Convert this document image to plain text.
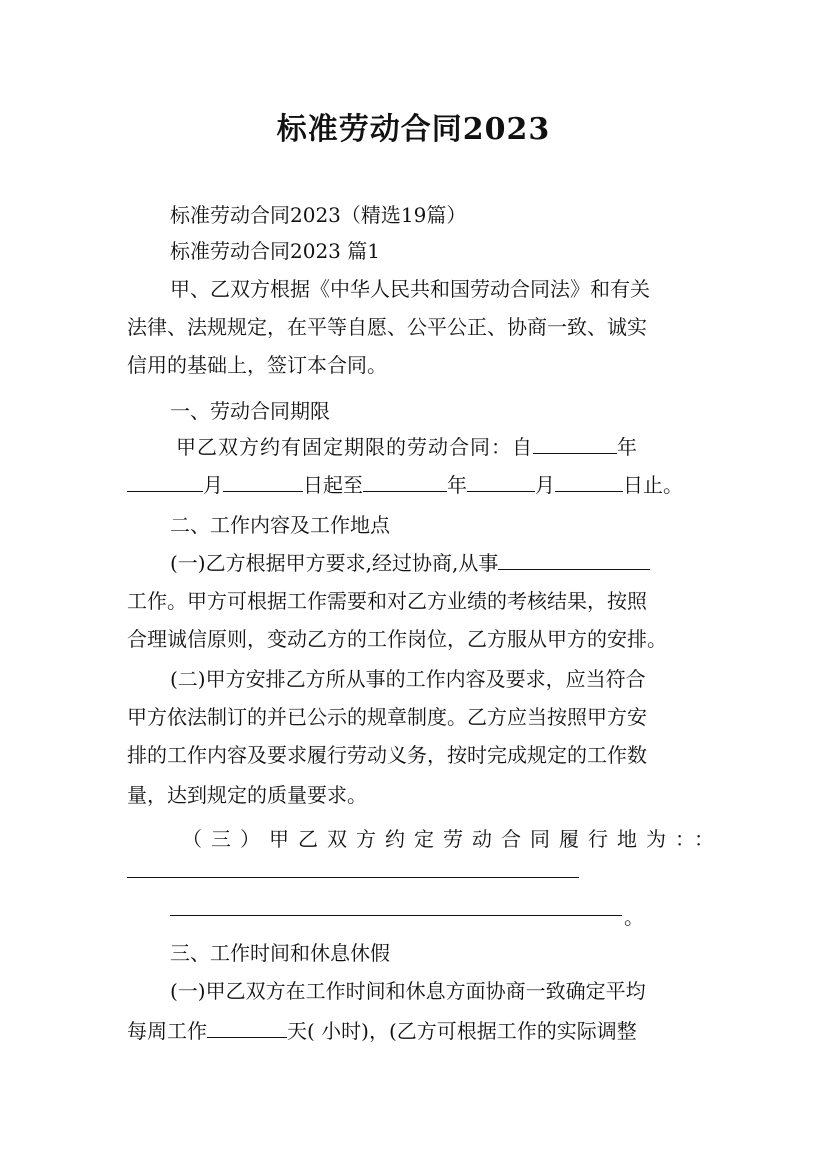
标准劳动合同2023
标准劳动合同2023（精选19篇）
标准劳动合同2023 篇1
甲、乙双方根据《中华人民共和国劳动合同法》和有关
法律、法规规定，在平等自愿、公平公正、协商一致、诚实
信用的基础上，签订本合同。
一、劳动合同期限
甲乙双方约有固定期限的劳动合同：自	年
月	日起至	年	月	日止。
二、工作内容及工作地点
(一)乙方根据甲方要求,经过协商,从事
工作。甲方可根据工作需要和对乙方业绩的考核结果，按照
合理诚信原则，变动乙方的工作岗位，乙方服从甲方的安排。
(二)甲方安排乙方所从事的工作内容及要求，应当符合
甲方依法制订的并已公示的规章制度。乙方应当按照甲方安
排的工作内容及要求履行劳动义务，按时完成规定的工作数
量，达到规定的质量要求。
（三）甲乙双方约定劳动合同履行地为：：
。
三、工作时间和休息休假
(一)甲乙双方在工作时间和休息方面协商一致确定平均
每周工作	天( 小时)，(乙方可根据工作的实际调整
